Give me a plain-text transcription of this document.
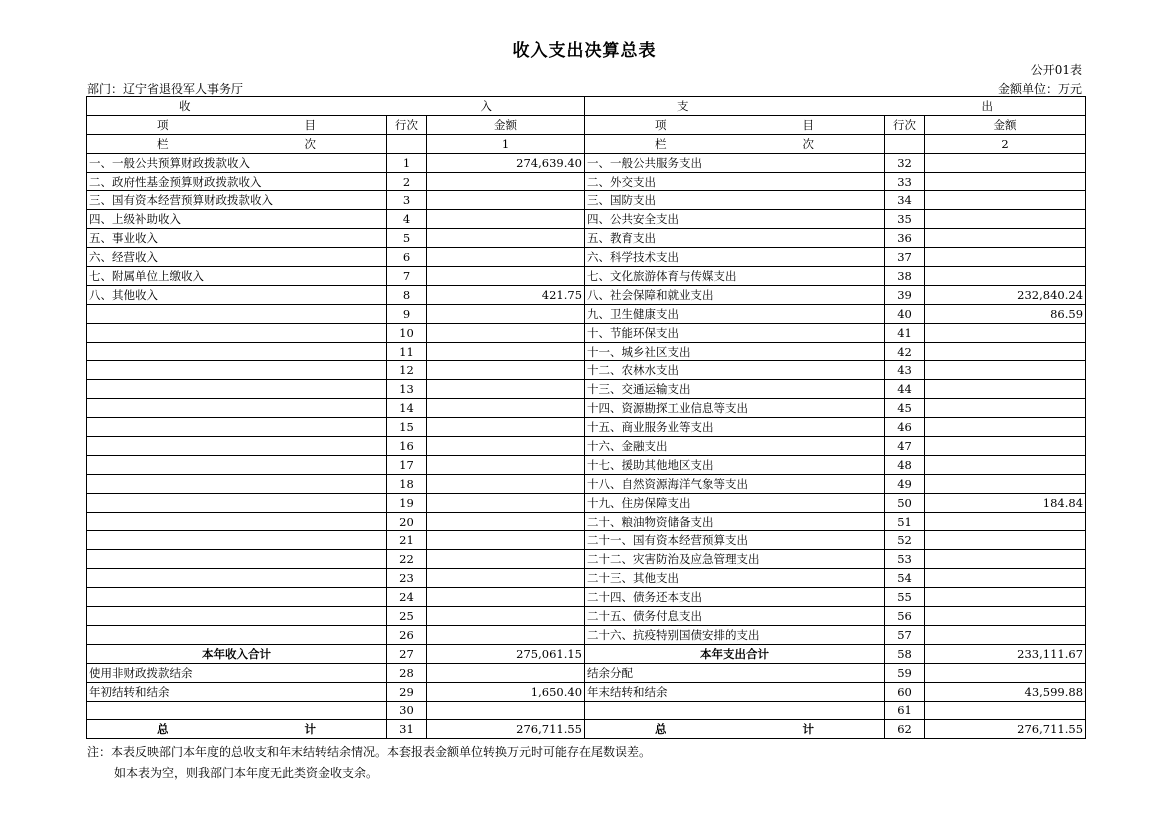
收入支出决算总表
公开01表
部门：辽宁省退役军人事务厅	金额单位：万元
收 入			支 出		

项 目	行次	金额	项 目	行次	金额

栏 次		1	栏 次		2
一、一般公共预算财政拨款收入	1	274,639.40	一、一般公共服务支出	32	
二、政府性基金预算财政拨款收入	2		二、外交支出	33	
三、国有资本经营预算财政拨款收入	3		三、国防支出	34	
四、上级补助收入	4		四、公共安全支出	35	
五、事业收入	5		五、教育支出	36	
六、经营收入	6		六、科学技术支出	37	
七、附属单位上缴收入	7		七、文化旅游体育与传媒支出	38	
八、其他收入	8	421.75	八、社会保障和就业支出	39	232,840.24
	9		九、卫生健康支出	40	86.59
	10		十、节能环保支出	41	
	11		十一、城乡社区支出	42	
	12		十二、农林水支出	43	
	13		十三、交通运输支出	44	
	14		十四、资源勘探工业信息等支出	45	
	15		十五、商业服务业等支出	46	
	16		十六、金融支出	47	
	17		十七、援助其他地区支出	48	
	18		十八、自然资源海洋气象等支出	49	
	19		十九、住房保障支出	50	184.84
	20		二十、粮油物资储备支出	51	
	21		二十一、国有资本经营预算支出	52	
	22		二十二、灾害防治及应急管理支出	53	
	23		二十三、其他支出	54	
	24		二十四、债务还本支出	55	
	25		二十五、债务付息支出	56	
	26		二十六、抗疫特别国债安排的支出	57	
本年收入合计	27	275,061.15	本年支出合计	58	233,111.67
使用非财政拨款结余	28		结余分配	59	
年初结转和结余	29	1,650.40	年末结转和结余	60	43,599.88
	30			61	

总 计	31	276,711.55	总 计	62	276,711.55
注：本表反映部门本年度的总收支和年末结转结余情况。本套报表金额单位转换万元时可能存在尾数误差。
如本表为空，则我部门本年度无此类资金收支余。
